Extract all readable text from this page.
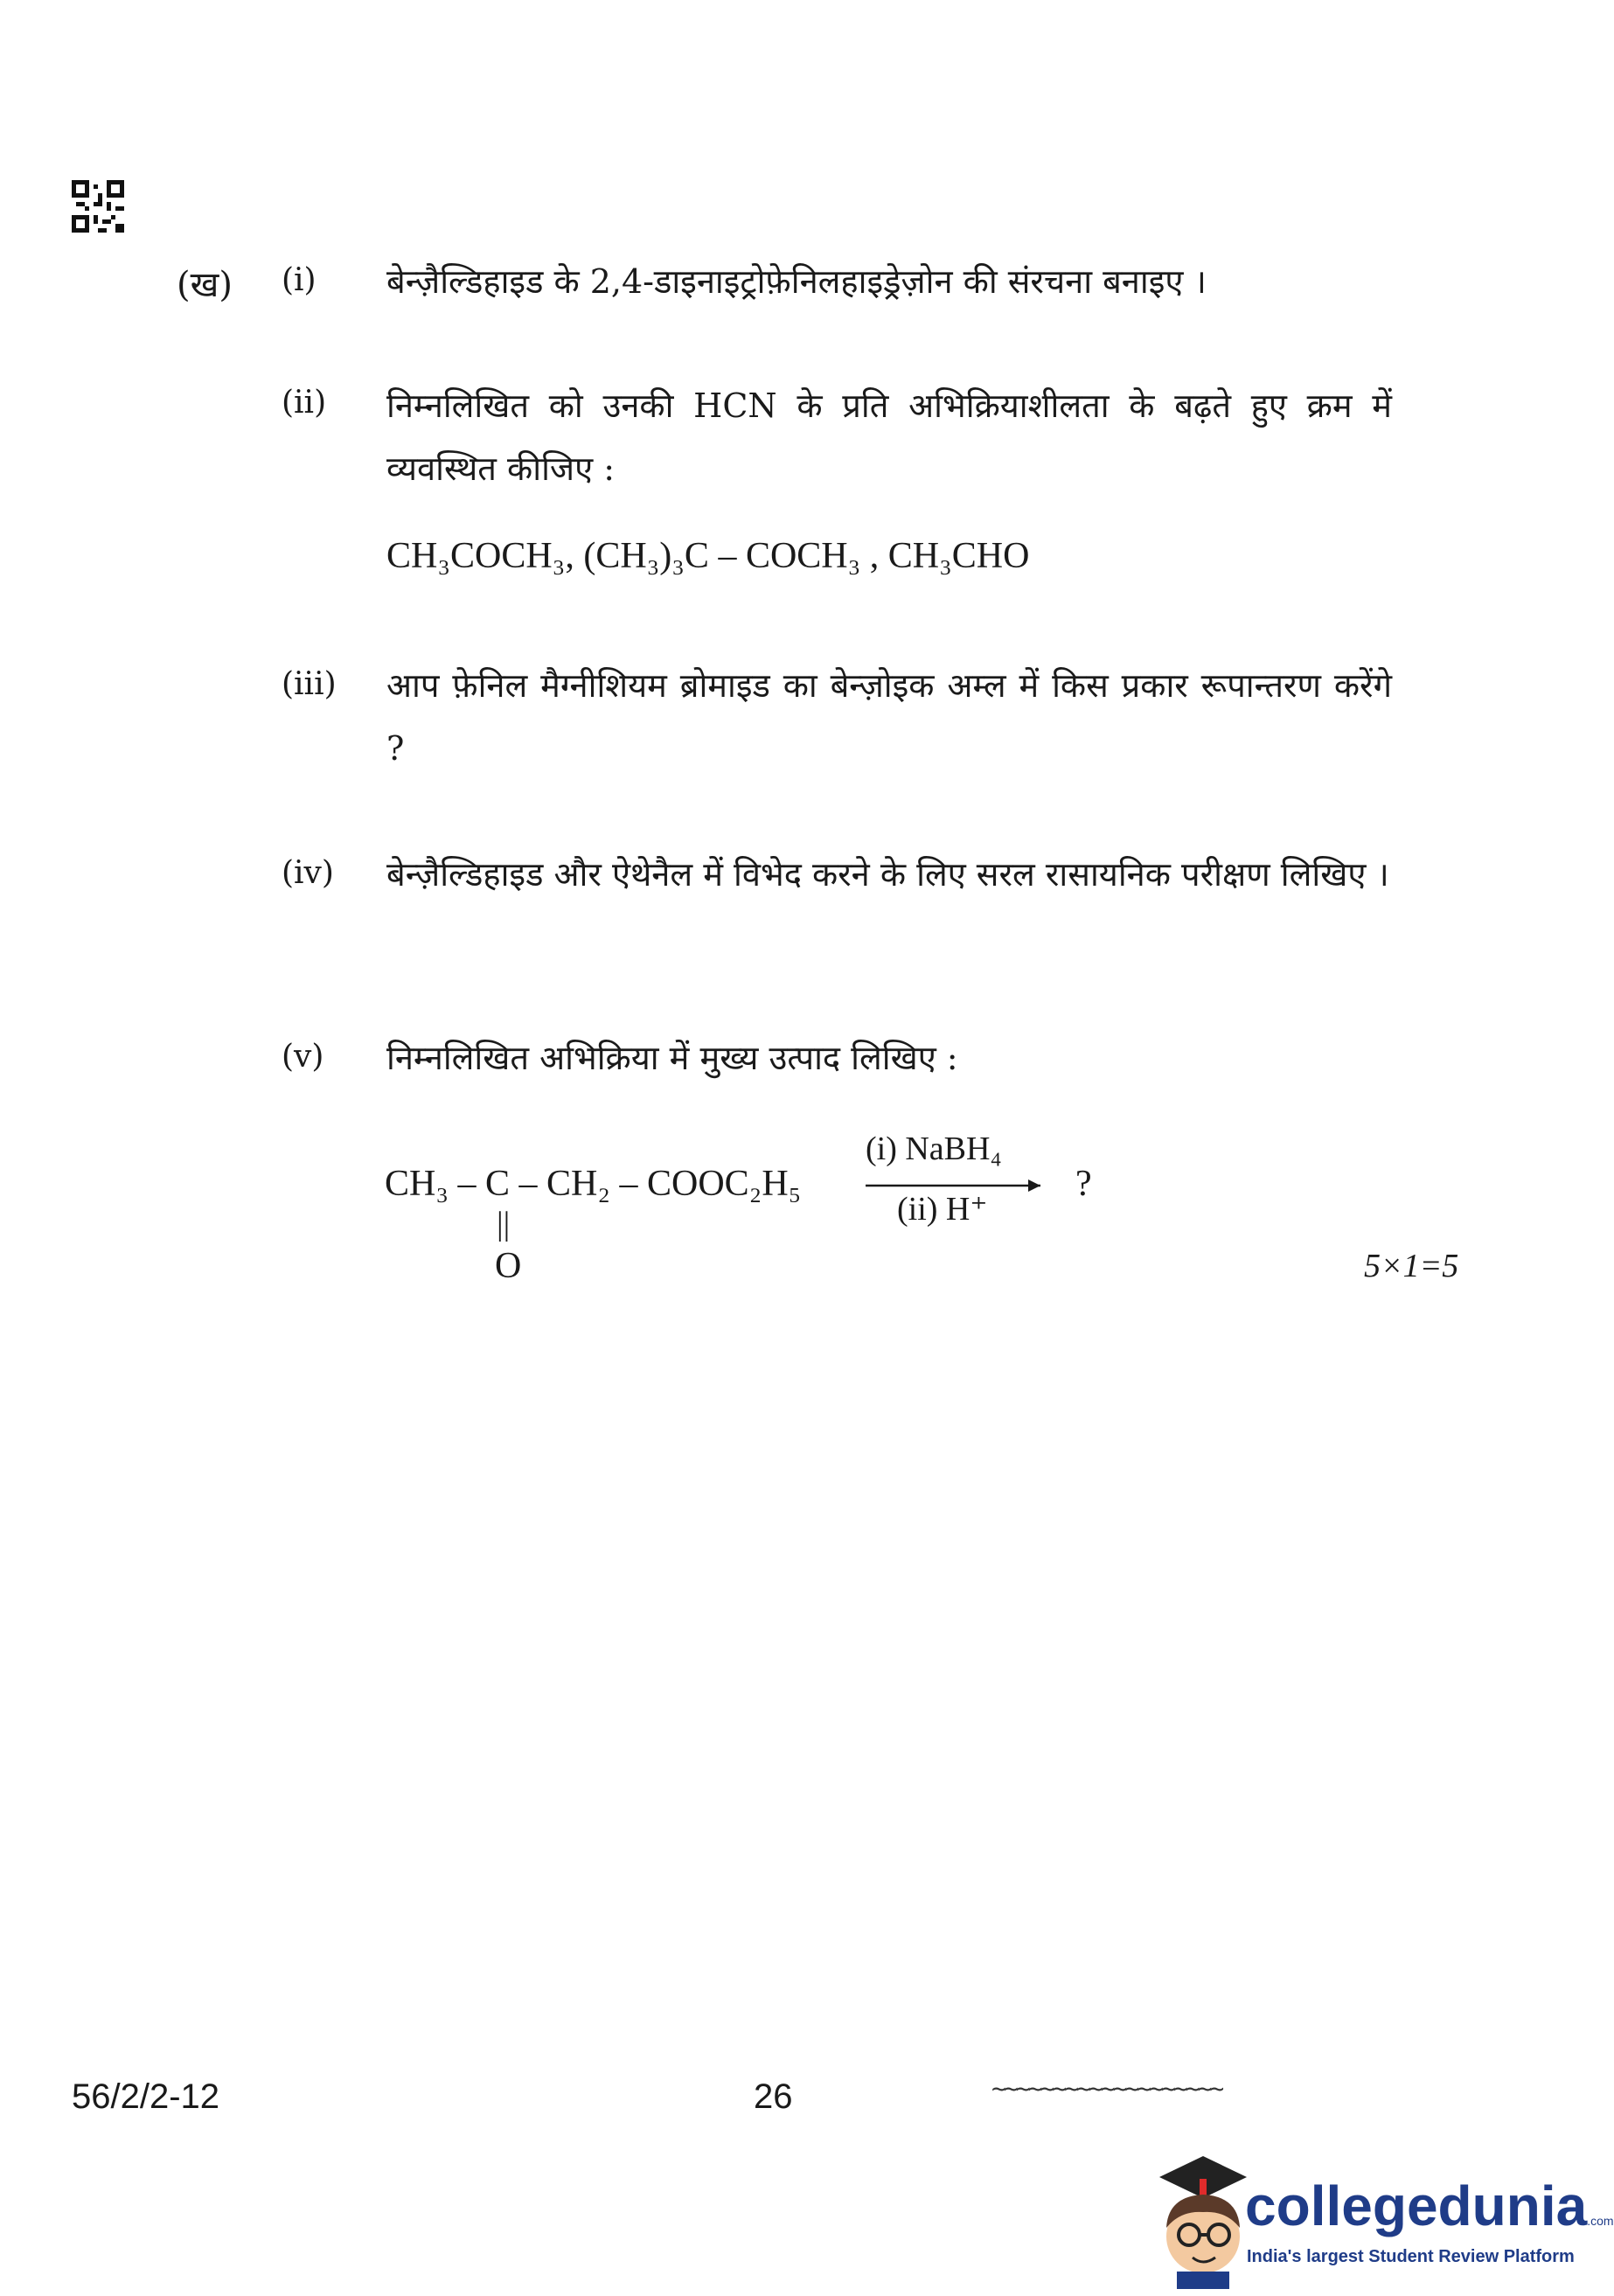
(ख) (i) बेन्ज़ैल्डिहाइड के 2,4-डाइनाइट्रोफ़ेनिलहाइड्रेज़ोन की संरचना बनाइए ।
(ii) निम्नलिखित को उनकी HCN के प्रति अभिक्रियाशीलता के बढ़ते हुए क्रम में व्यवस्थित कीजिए :
CH₃COCH₃, (CH₃)₃C – COCH₃ , CH₃CHO
(iii) आप फ़ेनिल मैग्नीशियम ब्रोमाइड का बेन्ज़ोइक अम्ल में किस प्रकार रूपान्तरण करेंगे ?
(iv) बेन्ज़ैल्डिहाइड और ऐथेनैल में विभेद करने के लिए सरल रासायनिक परीक्षण लिखिए ।
(v) निम्नलिखित अभिक्रिया में मुख्य उत्पाद लिखिए :
CH₃ – C – CH₂ – COOC₂H₅
||
O
(i) NaBH₄
(ii) H⁺
?
5×1=5
56/2/2-12	26	~~~~~~~~~~~~~~~~~~~
collegedunia.com
India's largest Student Review Platform
